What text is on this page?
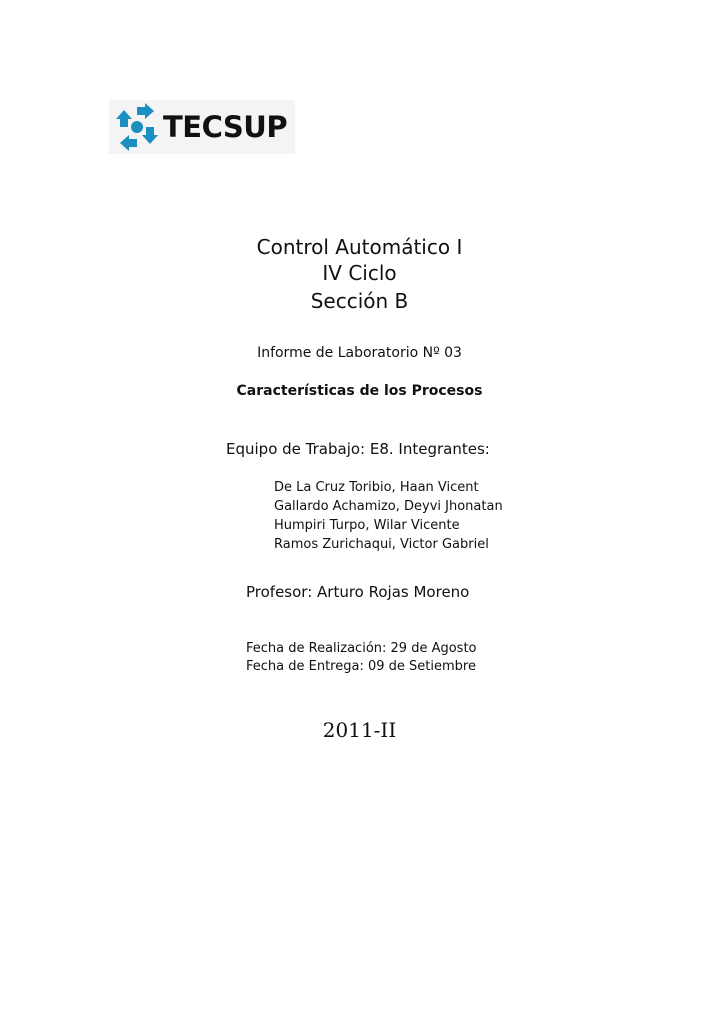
TECSUP
Control Automático I
IV Ciclo
Sección B
Informe de Laboratorio Nº 03
Características de los Procesos
Equipo de Trabajo: E8. Integrantes:
De La Cruz Toribio, Haan Vicent
Gallardo Achamizo, Deyvi Jhonatan
Humpiri Turpo, Wilar Vicente
Ramos Zurichaqui, Victor Gabriel
Profesor: Arturo Rojas Moreno
Fecha de Realización: 29 de Agosto
Fecha de Entrega: 09 de Setiembre
2011-II
